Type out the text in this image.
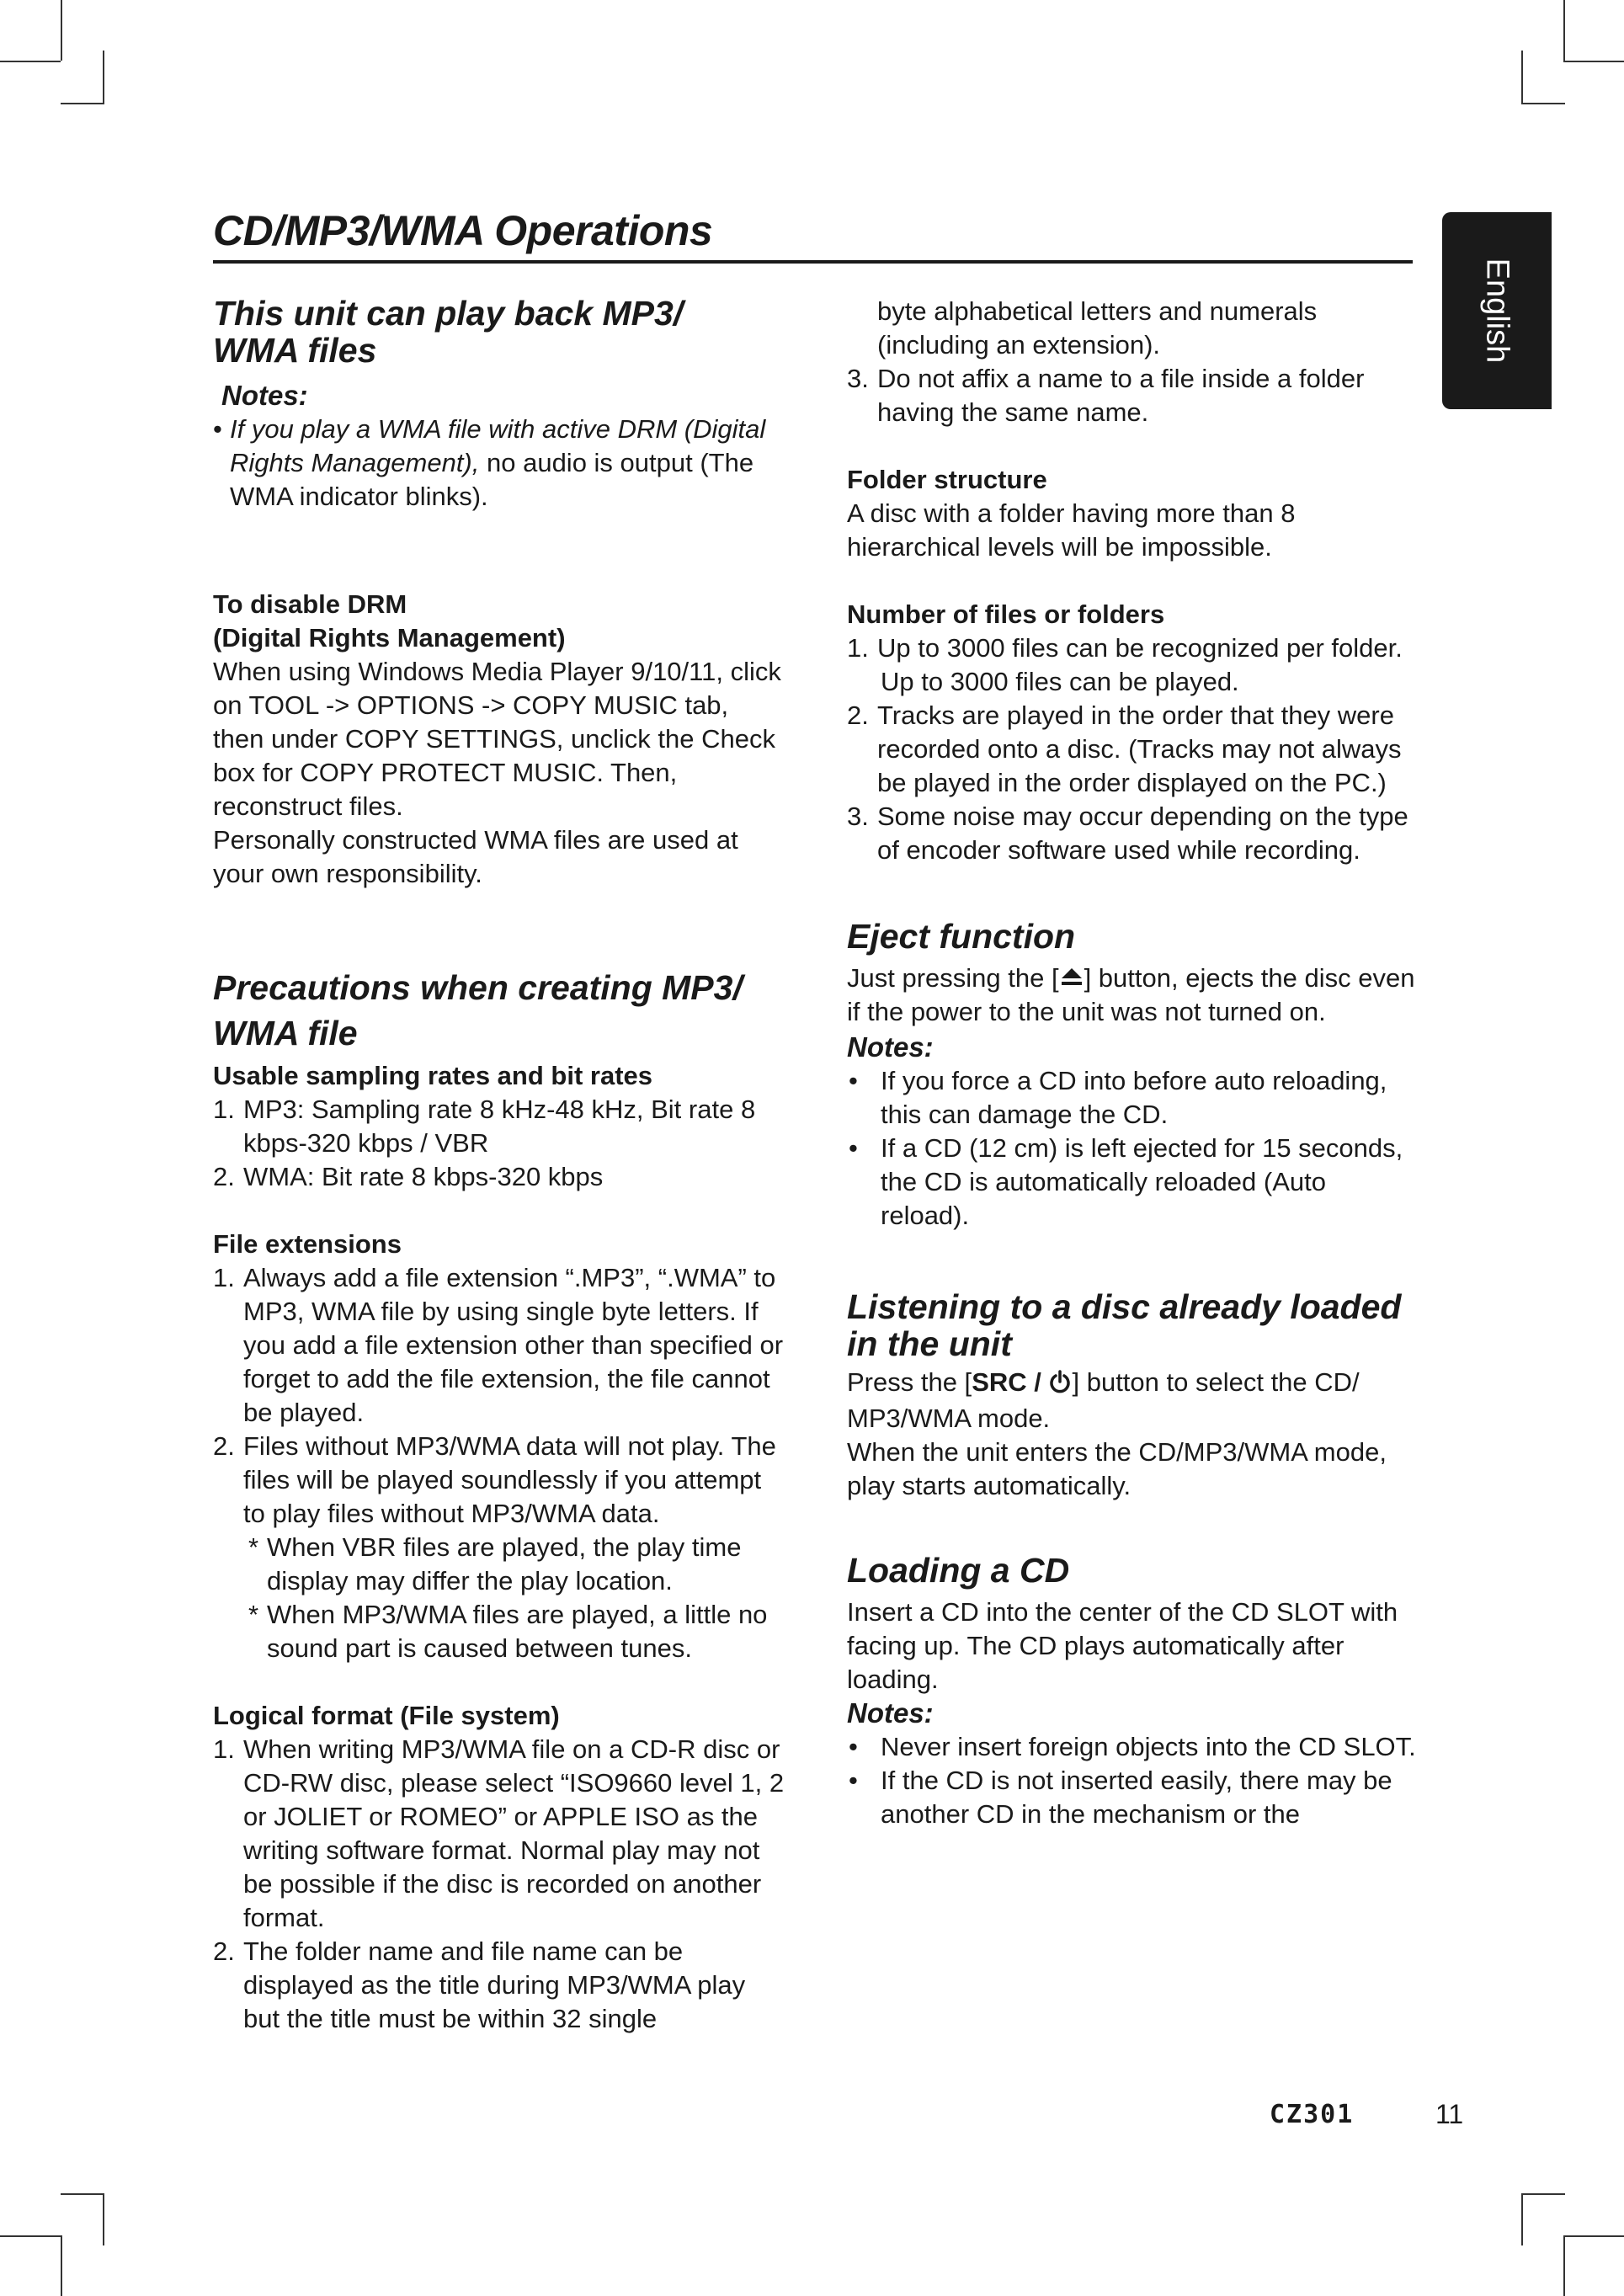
CD/MP3/WMA Operations
English

This unit can play back MP3/ WMA files

Notes:

• If you play a WMA file with active DRM (Digital Rights Management), no audio is output (The WMA indicator blinks).

To disable DRM

(Digital Rights Management)

When using Windows Media Player 9/10/11, click on TOOL -> OPTIONS -> COPY MUSIC tab, then under COPY SETTINGS, unclick the Check box for COPY PROTECT MUSIC. Then, reconstruct files.

Personally constructed WMA files are used at your own responsibility.

Precautions when creating MP3/ WMA file

Usable sampling rates and bit rates

1. MP3: Sampling rate 8 kHz-48 kHz, Bit rate 8 kbps-320 kbps / VBR
2. WMA: Bit rate 8 kbps-320 kbps

File extensions

1. Always add a file extension “.MP3”, “.WMA” to MP3, WMA file by using single byte letters. If you add a file extension other than specified or forget to add the file extension, the file cannot be played.
2. Files without MP3/WMA data will not play. The files will be played soundlessly if you attempt to play files without MP3/WMA data.
* When VBR files are played, the play time display may differ the play location.
* When MP3/WMA files are played, a little no sound part is caused between tunes.

Logical format (File system)

1. When writing MP3/WMA file on a CD-R disc or CD-RW disc, please select “ISO9660 level 1, 2 or JOLIET or ROMEO” or APPLE ISO as the writing software format. Normal play may not be possible if the disc is recorded on another format.
2. The folder name and file name can be displayed as the title during MP3/WMA play but the title must be within 32 single
byte alphabetical letters and numerals (including an extension).
3. Do not affix a name to a file inside a folder having the same name.

Folder structure

A disc with a folder having more than 8 hierarchical levels will be impossible.

Number of files or folders

1. Up to 3000 files can be recognized per folder.
Up to 3000 files can be played.
2. Tracks are played in the order that they were recorded onto a disc. (Tracks may not always be played in the order displayed on the PC.)
3. Some noise may occur depending on the type of encoder software used while recording.

Eject function

Just pressing the [ ] button, ejects the disc even if the power to the unit was not turned on.

Notes:

• If you force a CD into before auto reloading, this can damage the CD.
• If a CD (12 cm) is left ejected for 15 seconds, the CD is automatically reloaded (Auto reload).

Listening to a disc already loaded in the unit

Press the [SRC / ] button to select the CD/ MP3/WMA mode.

When the unit enters the CD/MP3/WMA mode, play starts automatically.

Loading a CD

Insert a CD into the center of the CD SLOT with facing up. The CD plays automatically after loading.

Notes:

• Never insert foreign objects into the CD SLOT.
• If the CD is not inserted easily, there may be another CD in the mechanism or the
CZ301	11
